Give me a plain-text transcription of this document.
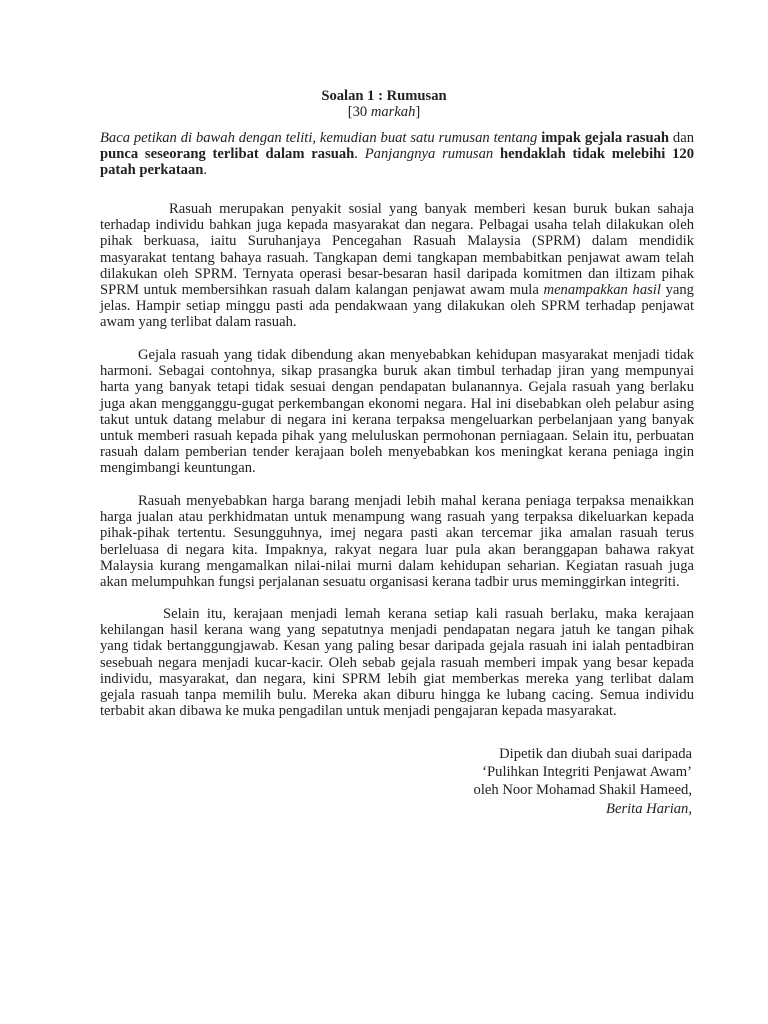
Soalan 1 : Rumusan
[30 markah]
Baca petikan di bawah dengan teliti, kemudian buat satu rumusan tentang impak gejala rasuah dan punca seseorang terlibat dalam rasuah. Panjangnya rumusan hendaklah tidak melebihi 120 patah perkataan.
Rasuah merupakan penyakit sosial yang banyak memberi kesan buruk bukan sahaja terhadap individu bahkan juga kepada masyarakat dan negara. Pelbagai usaha telah dilakukan oleh pihak berkuasa, iaitu Suruhanjaya Pencegahan Rasuah Malaysia (SPRM) dalam mendidik masyarakat tentang bahaya rasuah. Tangkapan demi tangkapan membabitkan penjawat awam telah dilakukan oleh SPRM. Ternyata operasi besar-besaran hasil daripada komitmen dan iltizam pihak SPRM untuk membersihkan rasuah dalam kalangan penjawat awam mula menampakkan hasil yang jelas. Hampir setiap minggu pasti ada pendakwaan yang dilakukan oleh SPRM terhadap penjawat awam yang terlibat dalam rasuah.
Gejala rasuah yang tidak dibendung akan menyebabkan kehidupan masyarakat menjadi tidak harmoni. Sebagai contohnya, sikap prasangka buruk akan timbul terhadap jiran yang mempunyai harta yang banyak tetapi tidak sesuai dengan pendapatan bulanannya. Gejala rasuah yang berlaku juga akan mengganggu-gugat perkembangan ekonomi negara. Hal ini disebabkan oleh pelabur asing takut untuk datang melabur di negara ini kerana terpaksa mengeluarkan perbelanjaan yang banyak untuk memberi rasuah kepada pihak yang meluluskan permohonan perniagaan. Selain itu, perbuatan rasuah dalam pemberian tender kerajaan boleh menyebabkan kos meningkat kerana peniaga ingin mengimbangi keuntungan.
Rasuah menyebabkan harga barang menjadi lebih mahal kerana peniaga terpaksa menaikkan harga jualan atau perkhidmatan untuk menampung wang rasuah yang terpaksa dikeluarkan kepada pihak-pihak tertentu. Sesungguhnya, imej negara pasti akan tercemar jika amalan rasuah terus berleluasa di negara kita. Impaknya, rakyat negara luar pula akan beranggapan bahawa rakyat Malaysia kurang mengamalkan nilai-nilai murni dalam kehidupan seharian. Kegiatan rasuah juga akan melumpuhkan fungsi perjalanan sesuatu organisasi kerana tadbir urus meminggirkan integriti.
Selain itu, kerajaan menjadi lemah kerana setiap kali rasuah berlaku, maka kerajaan kehilangan hasil kerana wang yang sepatutnya menjadi pendapatan negara jatuh ke tangan pihak yang tidak bertanggungjawab. Kesan yang paling besar daripada gejala rasuah ini ialah pentadbiran sesebuah negara menjadi kucar-kacir. Oleh sebab gejala rasuah memberi impak yang besar kepada individu, masyarakat, dan negara, kini SPRM lebih giat memberkas mereka yang terlibat dalam gejala rasuah tanpa memilih bulu. Mereka akan diburu hingga ke lubang cacing. Semua individu terbabit akan dibawa ke muka pengadilan untuk menjadi pengajaran kepada masyarakat.
Dipetik dan diubah suai daripada
‘Pulihkan Integriti Penjawat Awam’
oleh Noor Mohamad Shakil Hameed,
Berita Harian,
